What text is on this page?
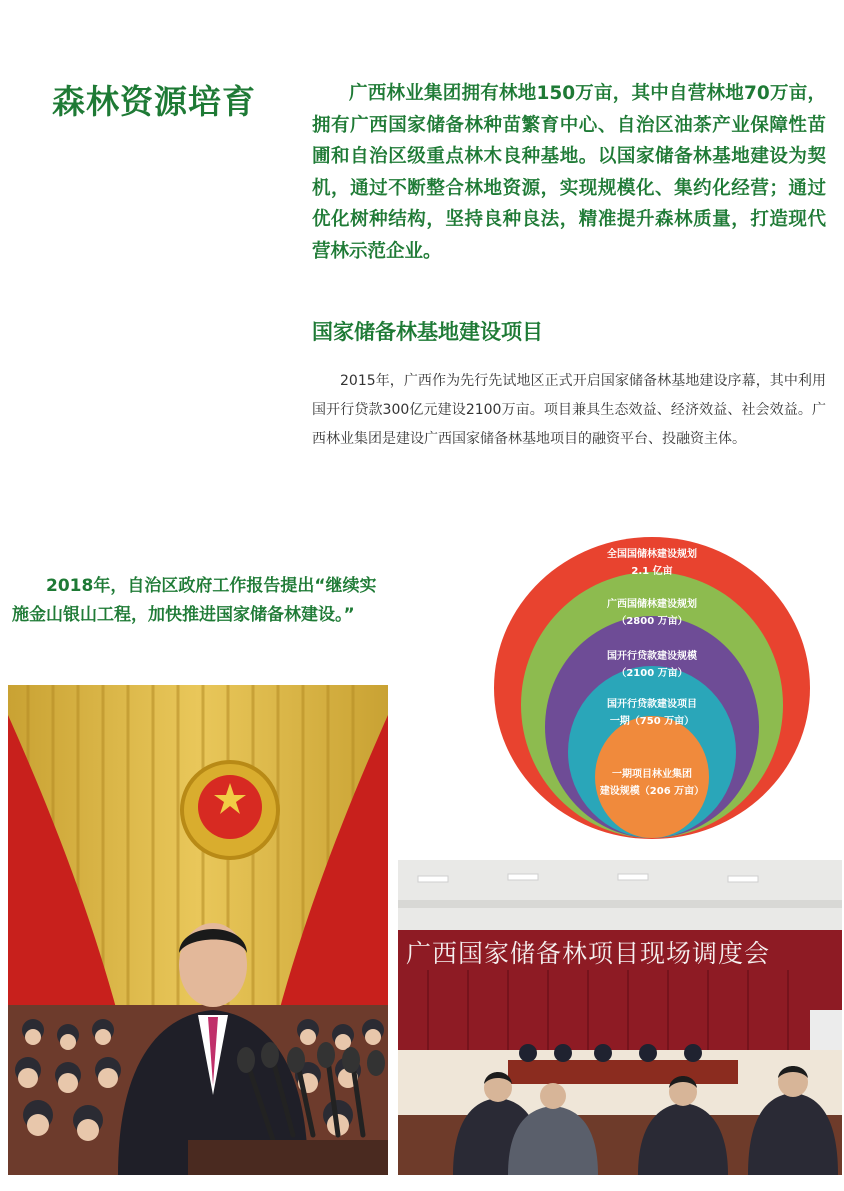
森林资源培育	广西林业集团拥有林地150万亩，其中自营林地70万亩，拥有广西国家储备林种苗繁育中心、自治区油茶产业保障性苗圃和自治区级重点林木良种基地。以国家储备林基地建设为契机，通过不断整合林地资源，实现规模化、集约化经营；通过优化树种结构，坚持良种良法，精准提升森林质量，打造现代营林示范企业。

国家储备林基地建设项目

2015年，广西作为先行先试地区正式开启国家储备林基地建设序幕，其中利用国开行贷款300亿元建设2100万亩。项目兼具生态效益、经济效益、社会效益。广西林业集团是建设广西国家储备林基地项目的融资平台、投融资主体。

2018年，自治区政府工作报告提出“继续实施金山银山工程，加快推进国家储备林建设。”

全国国储林建设规划
2.1 亿亩
广西国储林建设规划
（2800 万亩）
国开行贷款建设规模
（2100 万亩）
国开行贷款建设项目
一期（750 万亩）
一期项目林业集团
建设规模（206 万亩）
广西国家储备林项目现场调度会
